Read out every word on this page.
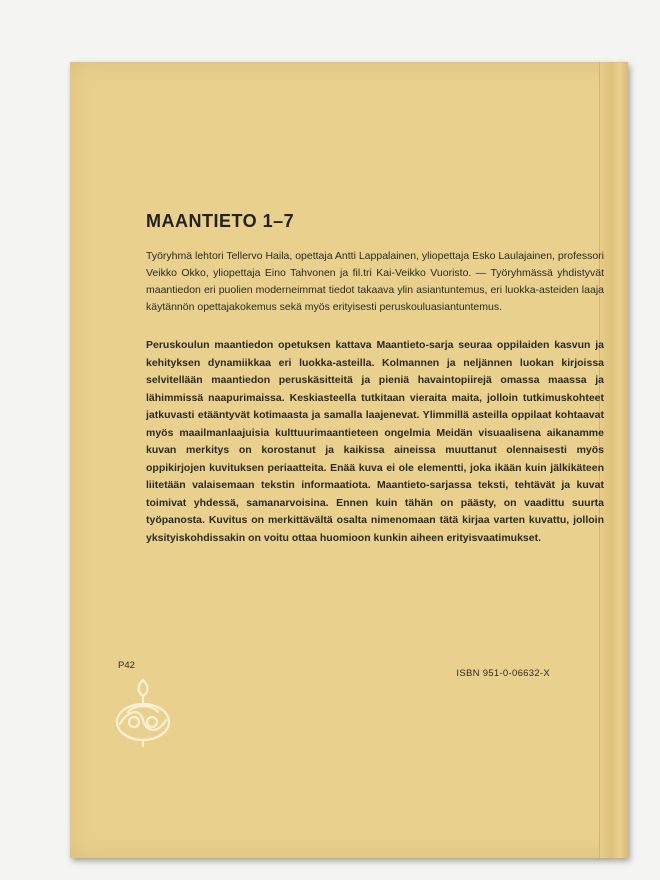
MAANTIETO 1–7

Työryhmä lehtori Tellervo Haila, opettaja Antti Lappalainen, yliopettaja Esko Laulajainen, professori Veikko Okko, yliopettaja Eino Tahvonen ja fil.tri Kai-Veikko Vuoristo. — Työryhmässä yhdistyvät maantiedon eri puolien moderneimmat tiedot takaava ylin asiantuntemus, eri luokka-asteiden laaja käytännön opettajakokemus sekä myös erityisesti peruskouluasiantuntemus.

Peruskoulun maantiedon opetuksen kattava Maantieto-sarja seuraa oppilaiden kasvun ja kehityksen dynamiikkaa eri luokka-asteilla. Kolmannen ja neljännen luokan kirjoissa selvitellään maantiedon peruskäsitteitä ja pieniä havaintopiirejä omassa maassa ja lähimmissä naapurimaissa. Keskiasteella tutkitaan vieraita maita, jolloin tutkimuskohteet jatkuvasti etääntyvät kotimaasta ja samalla laajenevat. Ylimmillä asteilla oppilaat kohtaavat myös maailmanlaajuisia kulttuurimaantieteen ongelmia Meidän visuaalisena aikanamme kuvan merkitys on korostanut ja kaikissa aineissa muuttanut olennaisesti myös oppikirjojen kuvituksen periaatteita. Enää kuva ei ole elementti, joka ikään kuin jälkikäteen liitetään valaisemaan tekstin informaatiota. Maantieto-sarjassa teksti, tehtävät ja kuvat toimivat yhdessä, samanarvoisina. Ennen kuin tähän on päästy, on vaadittu suurta työpanosta. Kuvitus on merkittävältä osalta nimenomaan tätä kirjaa varten kuvattu, jolloin yksityiskohdissakin on voitu ottaa huomioon kunkin aiheen erityisvaatimukset.

P42
ISBN 951-0-06632-X
